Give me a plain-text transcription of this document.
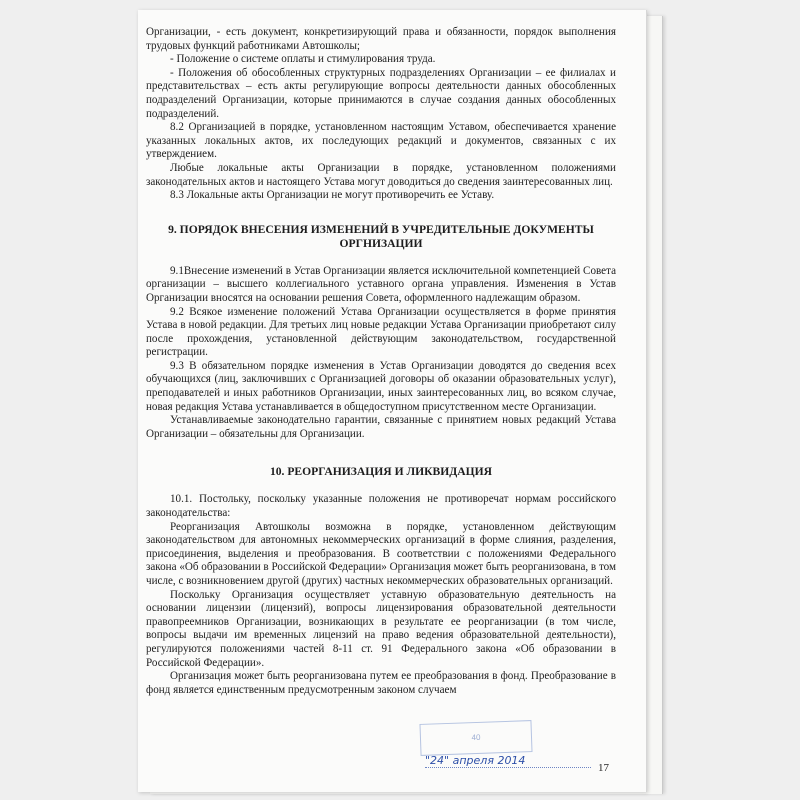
Организации, - есть документ, конкретизирующий права и обязанности, порядок выполнения трудовых функций работниками Автошколы;

- Положение о системе оплаты и стимулирования труда.

- Положения об обособленных структурных подразделениях Организации – ее филиалах и представительствах – есть акты регулирующие вопросы деятельности данных обособленных подразделений Организации, которые принимаются в случае создания данных обособленных подразделений.

8.2 Организацией в порядке, установленном настоящим Уставом, обеспечивается хранение указанных локальных актов, их последующих редакций и документов, связанных с их утверждением.

Любые локальные акты Организации в порядке, установленном положениями законодательных актов и настоящего Устава могут доводиться до сведения заинтересованных лиц.

8.3 Локальные акты Организации не могут противоречить ее Уставу.

9. ПОРЯДОК ВНЕСЕНИЯ ИЗМЕНЕНИЙ В УЧРЕДИТЕЛЬНЫЕ ДОКУМЕНТЫ ОРГНИЗАЦИИ

9.1Внесение изменений в Устав Организации является исключительной компетенцией Совета организации – высшего коллегиального уставного органа управления. Изменения в Устав Организации вносятся на основании решения Совета, оформленного надлежащим образом.

9.2 Всякое изменение положений Устава Организации осуществляется в форме принятия Устава в новой редакции. Для третьих лиц новые редакции Устава Организации приобретают силу после прохождения, установленной действующим законодательством, государственной регистрации.

9.3 В обязательном порядке изменения в Устав Организации доводятся до сведения всех обучающихся (лиц, заключивших с Организацией договоры об оказании образовательных услуг), преподавателей и иных работников Организации, иных заинтересованных лиц, во всяком случае, новая редакция Устава устанавливается в общедоступном присутственном месте Организации.

Устанавливаемые законодательно гарантии, связанные с принятием новых редакций Устава Организации – обязательны для Организации.

10. РЕОРГАНИЗАЦИЯ И ЛИКВИДАЦИЯ

10.1. Постольку, поскольку указанные положения не противоречат нормам российского законодательства:

Реорганизация Автошколы возможна в порядке, установленном действующим законодательством для автономных некоммерческих организаций в форме слияния, разделения, присоединения, выделения и преобразования. В соответствии с положениями Федерального закона «Об образовании в Российской Федерации» Организация может быть реорганизована, в том числе, с возникновением другой (других) частных некоммерческих образовательных организаций.

Поскольку Организация осуществляет уставную образовательную деятельность на основании лицензии (лицензий), вопросы лицензирования образовательной деятельности правопреемников Организации, возникающих в результате ее реорганизации (в том числе, вопросы выдачи им временных лицензий на право ведения образовательной деятельности), регулируются положениями частей 8-11 ст. 91 Федерального закона «Об образовании в Российской Федерации».

Организация может быть реорганизована путем ее преобразования в фонд. Преобразование в фонд является единственным предусмотренным законом случаем

40
"24" апреля 2014
17
